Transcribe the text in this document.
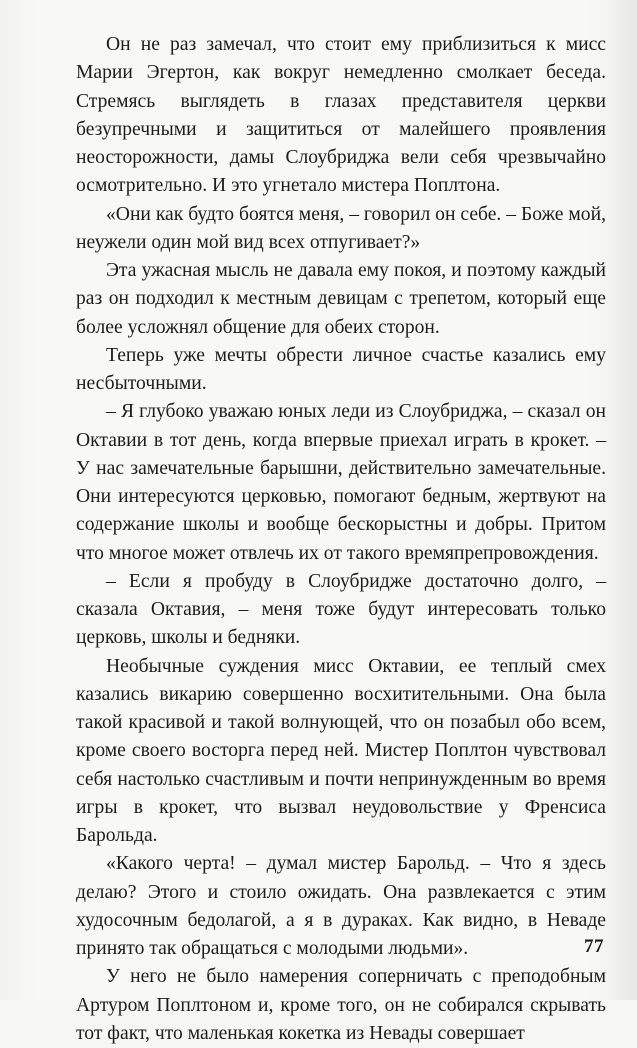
Он не раз замечал, что стоит ему приблизиться к мисс Марии Эгертон, как вокруг немедленно смолкает беседа. Стремясь выглядеть в глазах представителя церкви безупречными и защититься от малейшего проявления неосторожности, дамы Слоубриджа вели себя чрезвычайно осмотрительно. И это угнетало мистера Поплтона.

«Они как будто боятся меня, – говорил он себе. – Боже мой, неужели один мой вид всех отпугивает?»

Эта ужасная мысль не давала ему покоя, и поэтому каждый раз он подходил к местным девицам с трепетом, который еще более усложнял общение для обеих сторон.

Теперь уже мечты обрести личное счастье казались ему несбыточными.

– Я глубоко уважаю юных леди из Слоубриджа, – сказал он Октавии в тот день, когда впервые приехал играть в крокет. – У нас замечательные барышни, действительно замечательные. Они интересуются церковью, помогают бедным, жертвуют на содержание школы и вообще бескорыстны и добры. Притом что многое может отвлечь их от такого времяпрепровождения.

– Если я пробуду в Слоубридже достаточно долго, – сказала Октавия, – меня тоже будут интересовать только церковь, школы и бедняки.

Необычные суждения мисс Октавии, ее теплый смех казались викарию совершенно восхитительными. Она была такой красивой и такой волнующей, что он позабыл обо всем, кроме своего восторга перед ней. Мистер Поплтон чувствовал себя настолько счастливым и почти непринужденным во время игры в крокет, что вызвал неудовольствие у Френсиса Барольда.

«Какого черта! – думал мистер Барольд. – Что я здесь делаю? Этого и стоило ожидать. Она развлекается с этим худосочным бедолагой, а я в дураках. Как видно, в Неваде принято так обращаться с молодыми людьми».

У него не было намерения соперничать с преподобным Артуром Поплтоном и, кроме того, он не собирался скрывать тот факт, что маленькая кокетка из Невады совершает

77
